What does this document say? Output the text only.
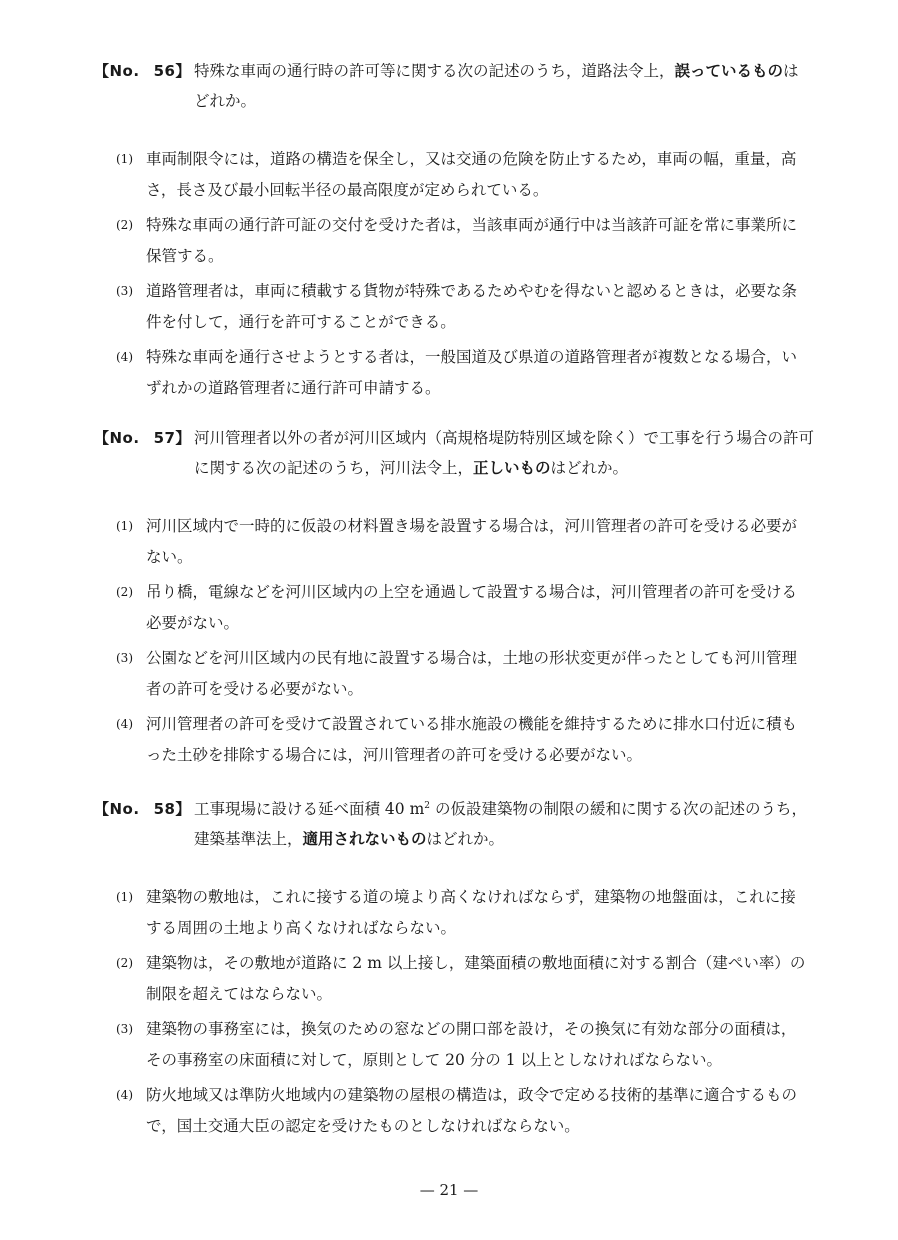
【No. 56】 特殊な車両の通行時の許可等に関する次の記述のうち，道路法令上，誤っているものはどれか。
(1) 車両制限令には，道路の構造を保全し，又は交通の危険を防止するため，車両の幅，重量，高さ，長さ及び最小回転半径の最高限度が定められている。
(2) 特殊な車両の通行許可証の交付を受けた者は，当該車両が通行中は当該許可証を常に事業所に保管する。
(3) 道路管理者は，車両に積載する貨物が特殊であるためやむを得ないと認めるときは，必要な条件を付して，通行を許可することができる。
(4) 特殊な車両を通行させようとする者は，一般国道及び県道の道路管理者が複数となる場合，いずれかの道路管理者に通行許可申請する。
【No. 57】 河川管理者以外の者が河川区域内（高規格堤防特別区域を除く）で工事を行う場合の許可に関する次の記述のうち，河川法令上，正しいものはどれか。
(1) 河川区域内で一時的に仮設の材料置き場を設置する場合は，河川管理者の許可を受ける必要がない。
(2) 吊り橋，電線などを河川区域内の上空を通過して設置する場合は，河川管理者の許可を受ける必要がない。
(3) 公園などを河川区域内の民有地に設置する場合は，土地の形状変更が伴ったとしても河川管理者の許可を受ける必要がない。
(4) 河川管理者の許可を受けて設置されている排水施設の機能を維持するために排水口付近に積もった土砂を排除する場合には，河川管理者の許可を受ける必要がない。
【No. 58】 工事現場に設ける延べ面積 40 $m^2$ の仮設建築物の制限の緩和に関する次の記述のうち，建築基準法上，適用されないものはどれか。
(1) 建築物の敷地は，これに接する道の境より高くなければならず，建築物の地盤面は，これに接する周囲の土地より高くなければならない。
(2) 建築物は，その敷地が道路に 2 m 以上接し，建築面積の敷地面積に対する割合（建ぺい率）の制限を超えてはならない。
(3) 建築物の事務室には，換気のための窓などの開口部を設け，その換気に有効な部分の面積は，その事務室の床面積に対して，原則として 20 分の 1 以上としなければならない。
(4) 防火地域又は準防火地域内の建築物の屋根の構造は，政令で定める技術的基準に適合するもので，国土交通大臣の認定を受けたものとしなければならない。
— 21 —
